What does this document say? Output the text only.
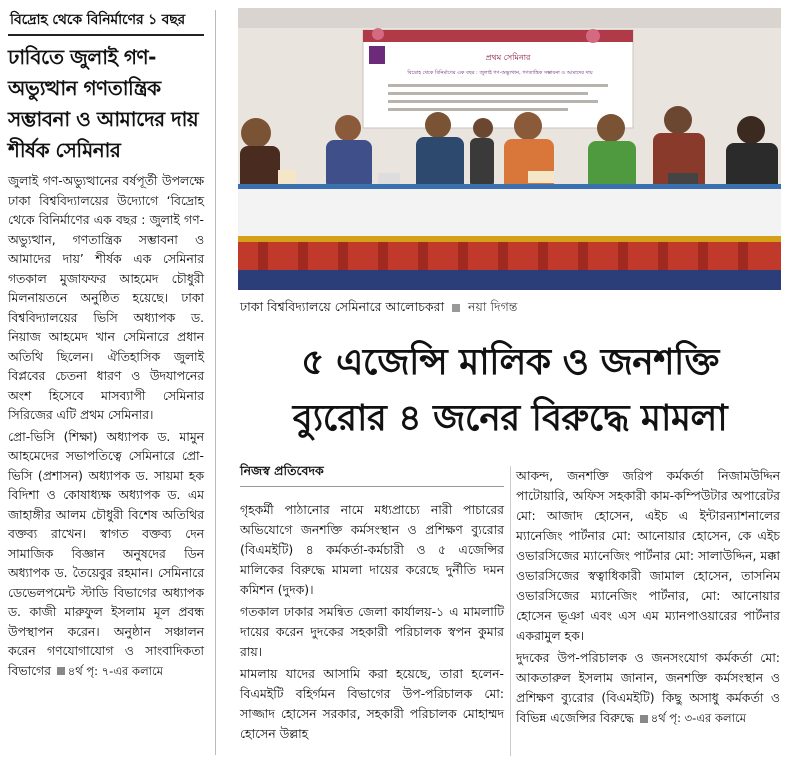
বিদ্রোহ থেকে বিনির্মাণের ১ বছর
ঢাবিতে জুলাই গণ-অভ্যুত্থান গণতান্ত্রিক সম্ভাবনা ও আমাদের দায় শীর্ষক সেমিনার

জুলাই গণ-অভ্যুত্থানের বর্ষপূর্তী উপলক্ষে ঢাকা বিশ্ববিদ্যালয়ের উদ্যোগে ‘বিদ্রোহ থেকে বিনির্মাণের এক বছর : জুলাই গণ-অভ্যুত্থান, গণতান্ত্রিক সম্ভাবনা ও আমাদের দায়’ শীর্ষক এক সেমিনার গতকাল মুজাফফর আহমেদ চৌধুরী মিলনায়তনে অনুষ্ঠিত হয়েছে। ঢাকা বিশ্ববিদ্যালয়ের ভিসি অধ্যাপক ড. নিয়াজ আহমেদ খান সেমিনারে প্রধান অতিথি ছিলেন। ঐতিহাসিক জুলাই বিপ্লবের চেতনা ধারণ ও উদযাপনের অংশ হিসেবে মাসব্যাপী সেমিনার সিরিজের এটি প্রথম সেমিনার।

প্রো-ভিসি (শিক্ষা) অধ্যাপক ড. মামুন আহমেদের সভাপতিত্বে সেমিনারে প্রো-ভিসি (প্রশাসন) অধ্যাপক ড. সায়মা হক বিদিশা ও কোষাধ্যক্ষ অধ্যাপক ড. এম জাহাঙ্গীর আলম চৌধুরী বিশেষ অতিথির বক্তব্য রাখেন। স্বাগত বক্তব্য দেন সামাজিক বিজ্ঞান অনুষদের ডিন অধ্যাপক ড. তৈয়েবুর রহমান। সেমিনারে ডেভেলপমেন্ট স্টাডি বিভাগের অধ্যাপক ড. কাজী মারুফুল ইসলাম মূল প্রবন্ধ উপস্থাপন করেন। অনুষ্ঠান সঞ্চালন করেন গণযোগাযোগ ও সাংবাদিকতা বিভাগের ৪র্থ পৃ: ৭-এর কলামে

প্রথম সেমিনার
বিদ্রোহ থেকে বিনির্মাণের এক বছর : জুলাই গণ-অভ্যুত্থান, গণতান্ত্রিক সম্ভাবনা ও আমাদের দায়
ঢাকা বিশ্ববিদ্যালয়ে সেমিনারে আলোচকরা নয়া দিগন্ত
৫ এজেন্সি মালিক ও জনশক্তি ব্যুরোর ৪ জনের বিরুদ্ধে মামলা
নিজস্ব প্রতিবেদক

গৃহকর্মী পাঠানোর নামে মধ্যপ্রাচ্যে নারী পাচারের অভিযোগে জনশক্তি কর্মসংস্থান ও প্রশিক্ষণ ব্যুরোর (বিএমইটি) ৪ কর্মকর্তা-কর্মচারী ও ৫ এজেন্সির মালিকের বিরুদ্ধে মামলা দায়ের করেছে দুর্নীতি দমন কমিশন (দুদক)।

গতকাল ঢাকার সমন্বিত জেলা কার্যালয়-১ এ মামলাটি দায়ের করেন দুদকের সহকারী পরিচালক স্বপন কুমার রায়।

মামলায় যাদের আসামি করা হয়েছে, তারা হলেন- বিএমইটি বহির্গমন বিভাগের উপ-পরিচালক মো: সাজ্জাদ হোসেন সরকার, সহকারী পরিচালক মোহাম্মদ হোসেন উল্লাহ

আকন্দ, জনশক্তি জরিপ কর্মকর্তা নিজামউদ্দিন পাটোয়ারি, অফিস সহকারী কাম-কম্পিউটার অপারেটর মো: আজাদ হোসেন, এইচ এ ইন্টারন্যাশনালের ম্যানেজিং পার্টনার মো: আনোয়ার হোসেন, কে এইচ ওভারসিজের ম্যানেজিং পার্টনার মো: সালাউদ্দিন, মক্কা ওভারসিজের স্বত্বাধিকারী জামাল হোসেন, তাসনিম ওভারসিজের ম্যানেজিং পার্টনার, মো: আনোয়ার হোসেন ভূঞা এবং এস এম ম্যানপাওয়ারের পার্টনার একরামুল হক।

দুদকের উপ-পরিচালক ও জনসংযোগ কর্মকর্তা মো: আকতারুল ইসলাম জানান, জনশক্তি কর্মসংস্থান ও প্রশিক্ষণ ব্যুরোর (বিএমইটি) কিছু অসাধু কর্মকর্তা ও বিভিন্ন এজেন্সির বিরুদ্ধে ৪র্থ পৃ: ৩-এর কলামে
